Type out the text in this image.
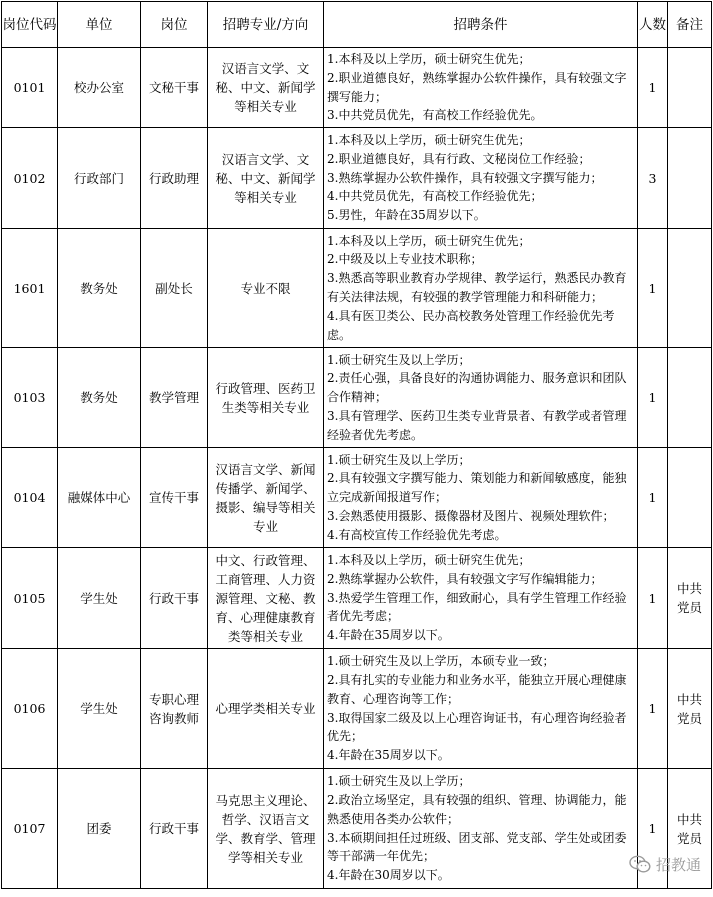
岗位代码	单位	岗位	招聘专业/方向	招聘条件	人数	备注
0101	校办公室	文秘干事	汉语言文学、文秘、中文、新闻学等相关专业	1.本科及以上学历，硕士研究生优先；
2.职业道德良好，熟练掌握办公软件操作，具有较强文字撰写能力；
3.中共党员优先，有高校工作经验优先。	1	
0102	行政部门	行政助理	汉语言文学、文秘、中文、新闻学等相关专业	1.本科及以上学历，硕士研究生优先；
2.职业道德良好，具有行政、文秘岗位工作经验；
3.熟练掌握办公软件操作，具有较强文字撰写能力；
4.中共党员优先，有高校工作经验优先；
5.男性，年龄在35周岁以下。	3	
1601	教务处	副处长	专业不限	1.本科及以上学历，硕士研究生优先；
2.中级及以上专业技术职称；
3.熟悉高等职业教育办学规律、教学运行，熟悉民办教育有关法律法规，有较强的教学管理能力和科研能力；
4.具有医卫类公、民办高校教务处管理工作经验优先考虑。	1	
0103	教务处	教学管理	行政管理、医药卫生类等相关专业	1.硕士研究生及以上学历；
2.责任心强，具备良好的沟通协调能力、服务意识和团队合作精神；
3.具有管理学、医药卫生类专业背景者、有教学或者管理经验者优先考虑。	1	
0104	融媒体中心	宣传干事	汉语言文学、新闻传播学、新闻学、摄影、编导等相关专业	1.硕士研究生及以上学历；
2.具有较强文字撰写能力、策划能力和新闻敏感度，能独立完成新闻报道写作；
3.会熟悉使用摄影、摄像器材及图片、视频处理软件；
4.有高校宣传工作经验优先考虑。	1	
0105	学生处	行政干事	中文、行政管理、工商管理、人力资源管理、文秘、教育、心理健康教育类等相关专业	1.本科及以上学历，硕士研究生优先；
2.熟练掌握办公软件，具有较强文字写作编辑能力；
3.热爱学生管理工作，细致耐心，具有学生管理工作经验者优先考虑；
4.年龄在35周岁以下。	1	中共党员
0106	学生处	专职心理咨询教师	心理学类相关专业	1.硕士研究生及以上学历，本硕专业一致；
2.具有扎实的专业能力和业务水平，能独立开展心理健康教育、心理咨询等工作；
3.取得国家二级及以上心理咨询证书，有心理咨询经验者优先；
4.年龄在35周岁以下。	1	中共党员
0107	团委	行政干事	马克思主义理论、哲学、汉语言文学、教育学、管理学等相关专业	1.硕士研究生及以上学历；
2.政治立场坚定，具有较强的组织、管理、协调能力，能熟悉使用各类办公软件；
3.本硕期间担任过班级、团支部、党支部、学生处或团委等干部满一年优先；
4.年龄在30周岁以下。	1	中共党员
招教通
